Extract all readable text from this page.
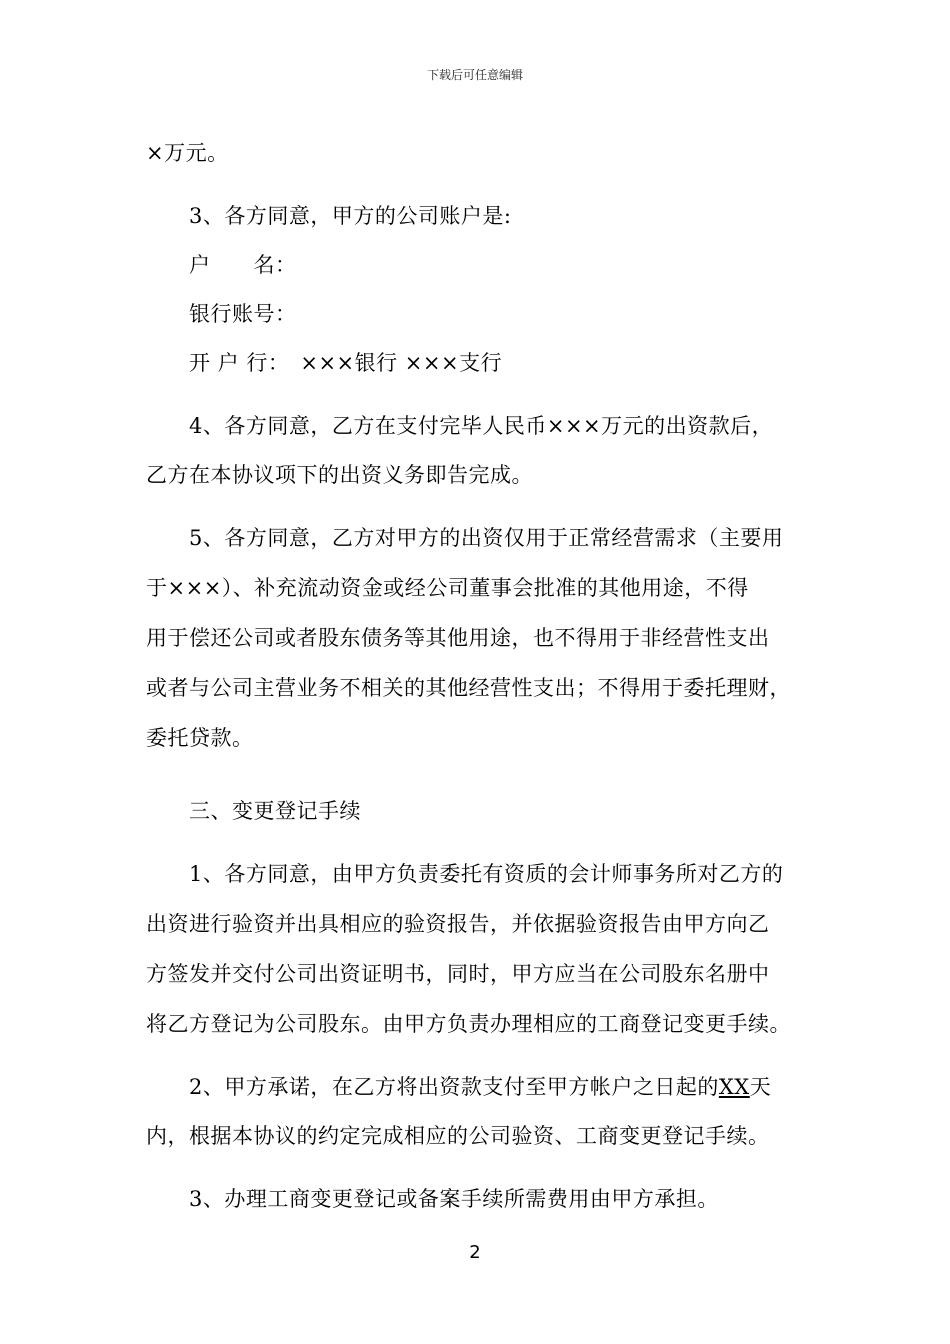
下载后可任意编辑
×万元。
3、各方同意，甲方的公司账户是:
户　　名：
银行账号：
开 户 行：　×××银行 ×××支行
4、各方同意，乙方在支付完毕人民币×××万元的出资款后，
乙方在本协议项下的出资义务即告完成。
5、各方同意，乙方对甲方的出资仅用于正常经营需求（主要用
于×××）、补充流动资金或经公司董事会批准的其他用途，不得
用于偿还公司或者股东债务等其他用途，也不得用于非经营性支出
或者与公司主营业务不相关的其他经营性支出；不得用于委托理财，
委托贷款。
三、变更登记手续
1、各方同意，由甲方负责委托有资质的会计师事务所对乙方的
出资进行验资并出具相应的验资报告，并依据验资报告由甲方向乙
方签发并交付公司出资证明书，同时，甲方应当在公司股东名册中
将乙方登记为公司股东。由甲方负责办理相应的工商登记变更手续。
2、甲方承诺，在乙方将出资款支付至甲方帐户之日起的XX天
内，根据本协议的约定完成相应的公司验资、工商变更登记手续。
3、办理工商变更登记或备案手续所需费用由甲方承担。
2
